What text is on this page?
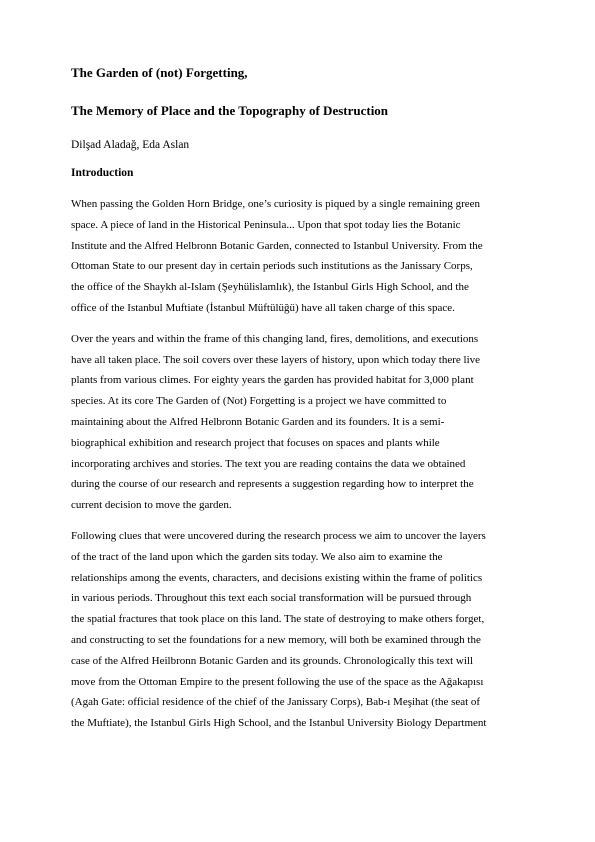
The Garden of (not) Forgetting,

The Memory of Place and the Topography of Destruction

Dilşad Aladağ, Eda Aslan

Introduction

When passing the Golden Horn Bridge, one’s curiosity is piqued by a single remaining green
space. A piece of land in the Historical Peninsula... Upon that spot today lies the Botanic
Institute and the Alfred Helbronn Botanic Garden, connected to Istanbul University. From the
Ottoman State to our present day in certain periods such institutions as the Janissary Corps,
the office of the Shaykh al-Islam (Şeyhülislamlık), the Istanbul Girls High School, and the
office of the Istanbul Muftiate (İstanbul Müftülüğü) have all taken charge of this space.

Over the years and within the frame of this changing land, fires, demolitions, and executions
have all taken place. The soil covers over these layers of history, upon which today there live
plants from various climes. For eighty years the garden has provided habitat for 3,000 plant
species. At its core The Garden of (Not) Forgetting is a project we have committed to
maintaining about the Alfred Helbronn Botanic Garden and its founders. It is a semi-
biographical exhibition and research project that focuses on spaces and plants while
incorporating archives and stories. The text you are reading contains the data we obtained
during the course of our research and represents a suggestion regarding how to interpret the
current decision to move the garden.

Following clues that were uncovered during the research process we aim to uncover the layers
of the tract of the land upon which the garden sits today. We also aim to examine the
relationships among the events, characters, and decisions existing within the frame of politics
in various periods. Throughout this text each social transformation will be pursued through
the spatial fractures that took place on this land. The state of destroying to make others forget,
and constructing to set the foundations for a new memory, will both be examined through the
case of the Alfred Heilbronn Botanic Garden and its grounds. Chronologically this text will
move from the Ottoman Empire to the present following the use of the space as the Ağakapısı
(Agah Gate: official residence of the chief of the Janissary Corps), Bab-ı Meşihat (the seat of
the Muftiate), the Istanbul Girls High School, and the Istanbul University Biology Department
